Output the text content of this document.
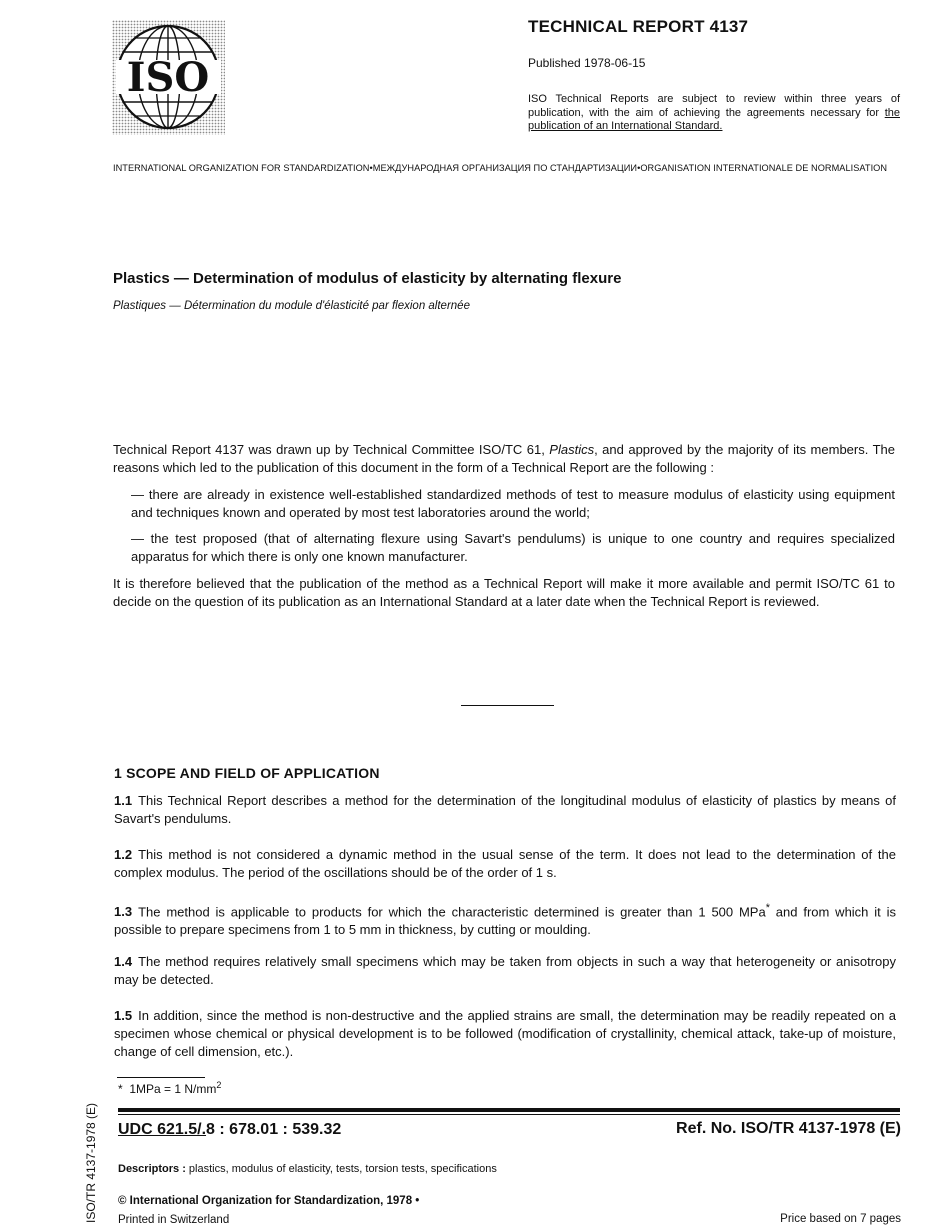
ISO
TECHNICAL REPORT 4137
Published 1978-06-15
ISO Technical Reports are subject to review within three years of publication, with the aim of achieving the agreements necessary for the publication of an International Standard.
INTERNATIONAL ORGANIZATION FOR STANDARDIZATION•МЕЖДУНАРОДНАЯ ОРГАНИЗАЦИЯ ПО СТАНДАРТИЗАЦИИ•ORGANISATION INTERNATIONALE DE NORMALISATION
Plastics — Determination of modulus of elasticity by alternating flexure
Plastiques — Détermination du module d'élasticité par flexion alternée
Technical Report 4137 was drawn up by Technical Committee ISO/TC 61, Plastics, and approved by the majority of its members. The reasons which led to the publication of this document in the form of a Technical Report are the following :
— there are already in existence well-established standardized methods of test to measure modulus of elasticity using equipment and techniques known and operated by most test laboratories around the world;
— the test proposed (that of alternating flexure using Savart's pendulums) is unique to one country and requires specialized apparatus for which there is only one known manufacturer.
It is therefore believed that the publication of the method as a Technical Report will make it more available and permit ISO/TC 61 to decide on the question of its publication as an International Standard at a later date when the Technical Report is reviewed.
1 SCOPE AND FIELD OF APPLICATION
1.1 This Technical Report describes a method for the determination of the longitudinal modulus of elasticity of plastics by means of Savart's pendulums.
1.2 This method is not considered a dynamic method in the usual sense of the term. It does not lead to the determination of the complex modulus. The period of the oscillations should be of the order of 1 s.
1.3 The method is applicable to products for which the characteristic determined is greater than 1 500 MPa* and from which it is possible to prepare specimens from 1 to 5 mm in thickness, by cutting or moulding.
1.4 The method requires relatively small specimens which may be taken from objects in such a way that heterogeneity or anisotropy may be detected.
1.5 In addition, since the method is non-destructive and the applied strains are small, the determination may be readily repeated on a specimen whose chemical or physical development is to be followed (modification of crystallinity, chemical attack, take-up of moisture, change of cell dimension, etc.).
* 1MPa = 1 $N/mm^2$
UDC 621.5/.8 : 678.01 : 539.32	Ref. No. ISO/TR 4137-1978 (E)
Descriptors : plastics, modulus of elasticity, tests, torsion tests, specifications
© International Organization for Standardization, 1978 •
Printed in Switzerland	Price based on 7 pages
ISO/TR 4137-1978 (E)
